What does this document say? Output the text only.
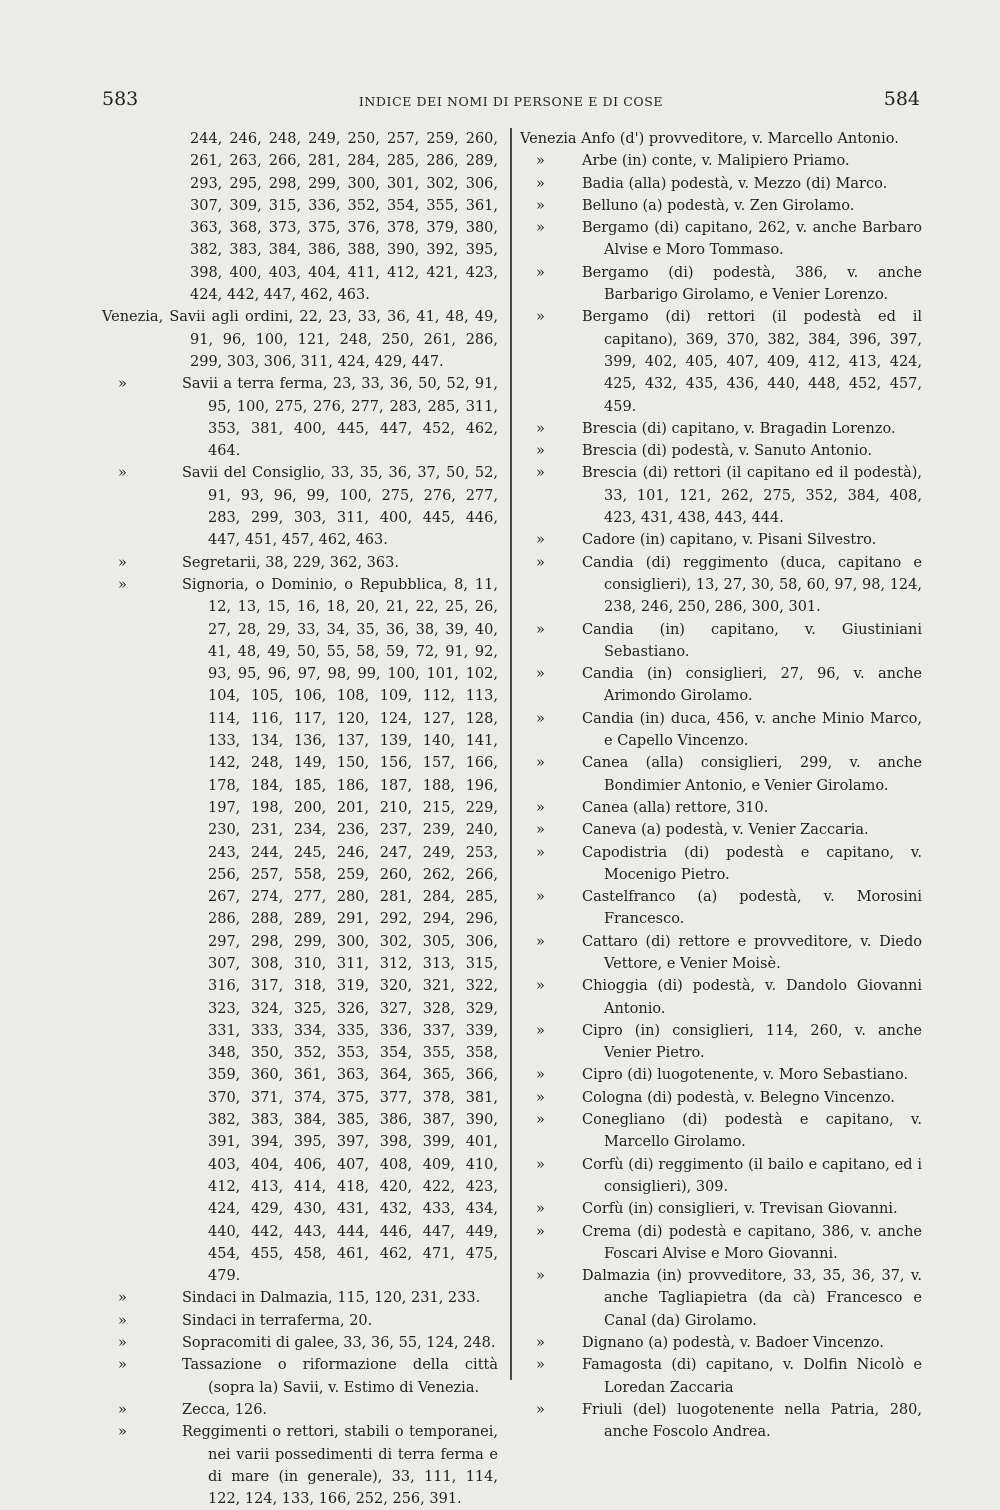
583	INDICE DEI NOMI DI PERSONE E DI COSE	584
244, 246, 248, 249, 250, 257, 259, 260, 261, 263, 266, 281, 284, 285, 286, 289, 293, 295, 298, 299, 300, 301, 302, 306, 307, 309, 315, 336, 352, 354, 355, 361, 363, 368, 373, 375, 376, 378, 379, 380, 382, 383, 384, 386, 388, 390, 392, 395, 398, 400, 403, 404, 411, 412, 421, 423, 424, 442, 447, 462, 463.
Venezia, Savii agli ordini, 22, 23, 33, 36, 41, 48, 49, 91, 96, 100, 121, 248, 250, 261, 286, 299, 303, 306, 311, 424, 429, 447.
»	Savii a terra ferma, 23, 33, 36, 50, 52, 91, 95, 100, 275, 276, 277, 283, 285, 311, 353, 381, 400, 445, 447, 452, 462, 464.
»	Savii del Consiglio, 33, 35, 36, 37, 50, 52, 91, 93, 96, 99, 100, 275, 276, 277, 283, 299, 303, 311, 400, 445, 446, 447, 451, 457, 462, 463.
»	Segretarii, 38, 229, 362, 363.
»	Signoria, o Dominio, o Repubblica, 8, 11, 12, 13, 15, 16, 18, 20, 21, 22, 25, 26, 27, 28, 29, 33, 34, 35, 36, 38, 39, 40, 41, 48, 49, 50, 55, 58, 59, 72, 91, 92, 93, 95, 96, 97, 98, 99, 100, 101, 102, 104, 105, 106, 108, 109, 112, 113, 114, 116, 117, 120, 124, 127, 128, 133, 134, 136, 137, 139, 140, 141, 142, 248, 149, 150, 156, 157, 166, 178, 184, 185, 186, 187, 188, 196, 197, 198, 200, 201, 210, 215, 229, 230, 231, 234, 236, 237, 239, 240, 243, 244, 245, 246, 247, 249, 253, 256, 257, 558, 259, 260, 262, 266, 267, 274, 277, 280, 281, 284, 285, 286, 288, 289, 291, 292, 294, 296, 297, 298, 299, 300, 302, 305, 306, 307, 308, 310, 311, 312, 313, 315, 316, 317, 318, 319, 320, 321, 322, 323, 324, 325, 326, 327, 328, 329, 331, 333, 334, 335, 336, 337, 339, 348, 350, 352, 353, 354, 355, 358, 359, 360, 361, 363, 364, 365, 366, 370, 371, 374, 375, 377, 378, 381, 382, 383, 384, 385, 386, 387, 390, 391, 394, 395, 397, 398, 399, 401, 403, 404, 406, 407, 408, 409, 410, 412, 413, 414, 418, 420, 422, 423, 424, 429, 430, 431, 432, 433, 434, 440, 442, 443, 444, 446, 447, 449, 454, 455, 458, 461, 462, 471, 475, 479.
»	Sindaci in Dalmazia, 115, 120, 231, 233.
»	Sindaci in terraferma, 20.
»	Sopracomiti di galee, 33, 36, 55, 124, 248.
»	Tassazione o riformazione della città (sopra la) Savii, v. Estimo di Venezia.
»	Zecca, 126.
»	Reggimenti o rettori, stabili o temporanei, nei varii possedimenti di terra ferma e di mare (in generale), 33, 111, 114, 122, 124, 133, 166, 252, 256, 391.
Venezia Anfo (d') provveditore, v. Marcello Antonio.
»	Arbe (in) conte, v. Malipiero Priamo.
»	Badia (alla) podestà, v. Mezzo (di) Marco.
»	Belluno (a) podestà, v. Zen Girolamo.
»	Bergamo (di) capitano, 262, v. anche Barbaro Alvise e Moro Tommaso.
»	Bergamo (di) podestà, 386, v. anche Barbarigo Girolamo, e Venier Lorenzo.
»	Bergamo (di) rettori (il podestà ed il capitano), 369, 370, 382, 384, 396, 397, 399, 402, 405, 407, 409, 412, 413, 424, 425, 432, 435, 436, 440, 448, 452, 457, 459.
»	Brescia (di) capitano, v. Bragadin Lorenzo.
»	Brescia (di) podestà, v. Sanuto Antonio.
»	Brescia (di) rettori (il capitano ed il podestà), 33, 101, 121, 262, 275, 352, 384, 408, 423, 431, 438, 443, 444.
»	Cadore (in) capitano, v. Pisani Silvestro.
»	Candia (di) reggimento (duca, capitano e consiglieri), 13, 27, 30, 58, 60, 97, 98, 124, 238, 246, 250, 286, 300, 301.
»	Candia (in) capitano, v. Giustiniani Sebastiano.
»	Candia (in) consiglieri, 27, 96, v. anche Arimondo Girolamo.
»	Candia (in) duca, 456, v. anche Minio Marco, e Capello Vincenzo.
»	Canea (alla) consiglieri, 299, v. anche Bondimier Antonio, e Venier Girolamo.
»	Canea (alla) rettore, 310.
»	Caneva (a) podestà, v. Venier Zaccaria.
»	Capodistria (di) podestà e capitano, v. Mocenigo Pietro.
»	Castelfranco (a) podestà, v. Morosini Francesco.
»	Cattaro (di) rettore e provveditore, v. Diedo Vettore, e Venier Moisè.
»	Chioggia (di) podestà, v. Dandolo Giovanni Antonio.
»	Cipro (in) consiglieri, 114, 260, v. anche Venier Pietro.
»	Cipro (di) luogotenente, v. Moro Sebastiano.
»	Cologna (di) podestà, v. Belegno Vincenzo.
»	Conegliano (di) podestà e capitano, v. Marcello Girolamo.
»	Corfù (di) reggimento (il bailo e capitano, ed i consiglieri), 309.
»	Corfù (in) consiglieri, v. Trevisan Giovanni.
»	Crema (di) podestà e capitano, 386, v. anche Foscari Alvise e Moro Giovanni.
»	Dalmazia (in) provveditore, 33, 35, 36, 37, v. anche Tagliapietra (da cà) Francesco e Canal (da) Girolamo.
»	Dignano (a) podestà, v. Badoer Vincenzo.
»	Famagosta (di) capitano, v. Dolfin Nicolò e Loredan Zaccaria
»	Friuli (del) luogotenente nella Patria, 280, anche Foscolo Andrea.
